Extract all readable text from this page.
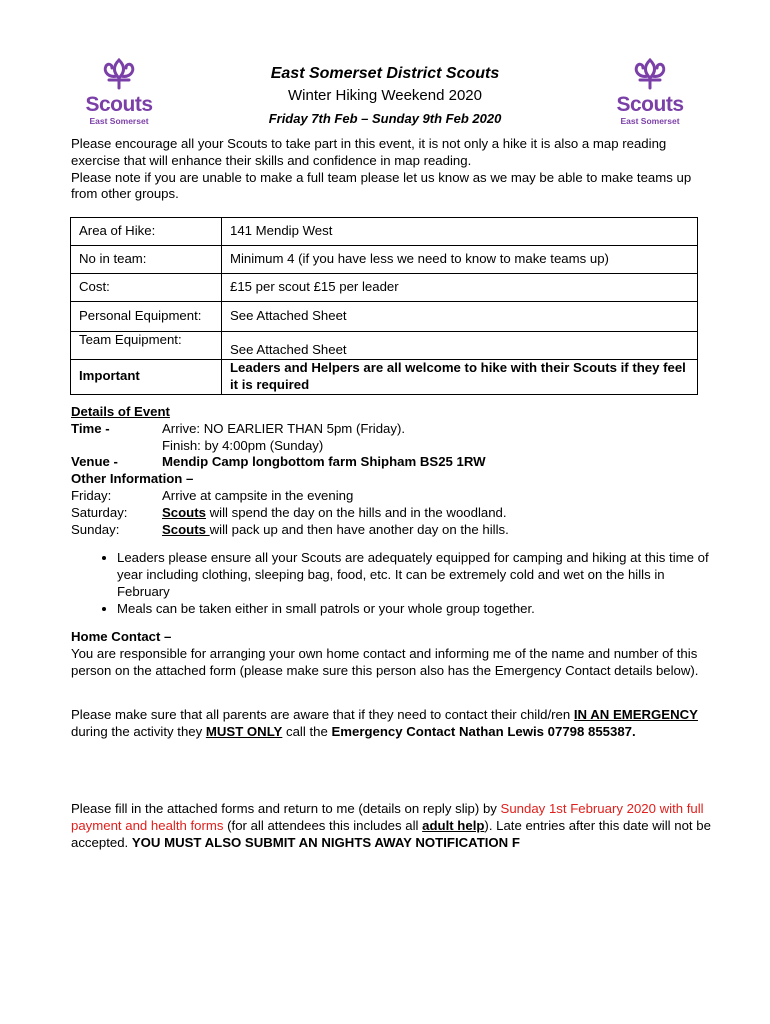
Scouts
East Somerset
Scouts
East Somerset
East Somerset District Scouts
Winter Hiking Weekend 2020
Friday 7th Feb – Sunday 9th Feb 2020
Please encourage all your Scouts to take part in this event, it is not only a hike it is also a map reading exercise that will enhance their skills and confidence in map reading.
Please note if you are unable to make a full team please let us know as we may be able to make teams up from other groups.
Area of Hike:	141 Mendip West
No in team:	Minimum 4 (if you have less we need to know to make teams up)
Cost:	£15 per scout £15 per leader
Personal Equipment:	See Attached Sheet
Team Equipment:	See Attached Sheet
Important	Leaders and Helpers are all welcome to hike with their Scouts if they feel it is required
Details of Event
Time -	Arrive: NO EARLIER THAN 5pm (Friday).
Finish: by 4:00pm (Sunday)
Venue -	Mendip Camp longbottom farm Shipham BS25 1RW
Other Information –
Friday:	Arrive at campsite in the evening
Saturday:	Scouts will spend the day on the hills and in the woodland.
Sunday:	Scouts will pack up and then have another day on the hills.
• Leaders please ensure all your Scouts are adequately equipped for camping and hiking at this time of year including clothing, sleeping bag, food, etc. It can be extremely cold and wet on the hills in February
• Meals can be taken either in small patrols or your whole group together.
Home Contact –
You are responsible for arranging your own home contact and informing me of the name and number of this person on the attached form (please make sure this person also has the Emergency Contact details below).
Please make sure that all parents are aware that if they need to contact their child/ren IN AN EMERGENCY during the activity they MUST ONLY call the Emergency Contact Nathan Lewis 07798 855387.
Please fill in the attached forms and return to me (details on reply slip) by Sunday 1st February 2020 with full payment and health forms (for all attendees this includes all adult help). Late entries after this date will not be accepted. YOU MUST ALSO SUBMIT AN NIGHTS AWAY NOTIFICATION F
